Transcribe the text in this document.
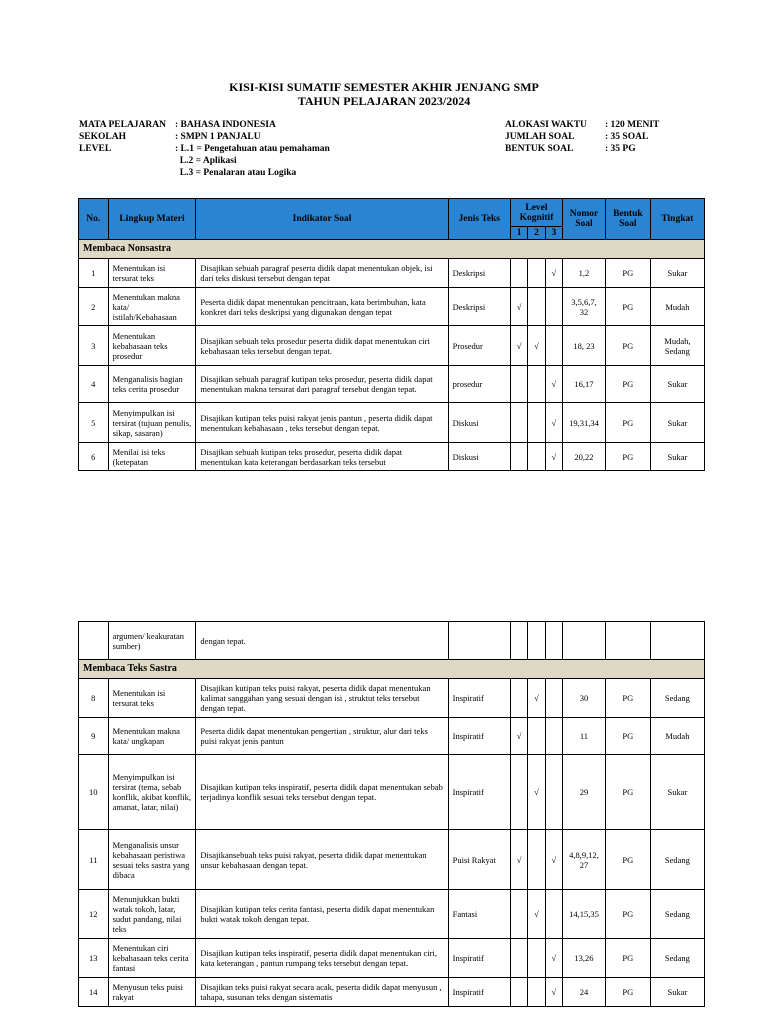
KISI-KISI SUMATIF SEMESTER AKHIR JENJANG SMP
TAHUN PELAJARAN 2023/2024
MATA PELAJARAN : BAHASA INDONESIA
SEKOLAH	: SMPN 1 PANJALU
LEVEL	: L.1 = Pengetahuan atau pemahaman
L.2 = Aplikasi
L.3 = Penalaran atau Logika
ALOKASI WAKTU	: 120 MENIT
JUMLAH SOAL	: 35 SOAL
BENTUK SOAL	: 35 PG
No.	Lingkup Materi	Indikator Soal	Jenis Teks	Level Kognitif			Nomor Soal	Bentuk Soal	Tingkat
				1	2	3			
Membaca Nonsastra									
1	Menentukan isi tersurat teks	Disajikan sebuah paragraf peserta didik dapat menentukan objek, isi dari teks diskusi tersebut dengan tepat	Deskripsi			√	1,2	PG	Sukar
2	Menentukan makna kata/ istilah/Kebahasaan	Peserta didik dapat menentukan pencitraan, kata berimbuhan, kata konkret dari teks deskripsi yang digunakan dengan tepat	Deskripsi	√			3,5,6,7, 32	PG	Mudah
3	Menentukan kebahasaan teks prosedur	Disajikan sebuah teks prosedur peserta didik dapat menentukan ciri kebahasaan teks tersebut dengan tepat.	Prosedur	√	√		18, 23	PG	Mudah, Sedang
4	Menganalisis bagian teks cerita prosedur	Disajikan sebuah paragraf kutipan teks prosedur, peserta didik dapat menentukan makna tersurat dari paragraf tersebut dengan tepat.	prosedur			√	16,17	PG	Sukar
5	Menyimpulkan isi tersirat (tujuan penulis, sikap, sasaran)	Disajikan kutipan teks puisi rakyat jenis pantun , peserta didik dapat menentukan kebahasaan , teks tersebut dengan tepat.	Diskusi			√	19,31,34	PG	Sukar
6	Menilai isi teks (ketepatan	Disajikan sebuah kutipan teks prosedur, peserta didik dapat menentukan kata keterangan berdasarkan teks tersebut	Diskusi			√	20,22	PG	Sukar
	argumen/ keakuratan sumber)	dengan tepat.							
Membaca Teks Sastra									
8	Menentukan isi tersurat teks	Disajikan kutipan teks puisi rakyat, peserta didik dapat menentukan kalimat sanggahan yang sesuai dengan isi , struktut teks tersebut dengan tepat.	Inspiratif		√		30	PG	Sedang
9	Menentukan makna kata/ ungkapan	Peserta didik dapat menentukan pengertian , struktur, alur dari teks puisi rakyat jenis pantun	Inspiratif	√			11	PG	Mudah
10	Menyimpulkan isi tersirat (tema, sebab konflik, akibat konflik, amanat, latar, nilai)	Disajikan kutipan teks inspiratif, peserta didik dapat menentukan sebab terjadinya konflik sesuai teks tersebut dengan tepat.	Inspiratif		√		29	PG	Sukar
11	Menganalisis unsur kebahasaan peristiwa sesuai teks sastra yang dibaca	Disajikansebuah teks puisi rakyat, peserta didik dapat menentukan unsur kebahasaan dengan tepat.	Puisi Rakyat	√		√	4,8,9,12, 27	PG	Sedang
12	Menunjukkan bukti watak tokoh, latar, sudut pandang, nilai teks	Disajikan kutipan teks cerita fantasi, peserta didik dapat menentukan bukti watak tokoh dengan tepat.	Fantasi		√		14,15,35	PG	Sedang
13	Menentukan ciri kebahasaan teks cerita fantasi	Disajikan kutipan teks inspiratif, peserta didik dapat menentukan ciri, kata keterangan , pantun rumpang teks tersebut dengan tepat.	Inspiratif			√	13,26	PG	Sedang
14	Menyusun teks puisi rakyat	Disajikan teks puisi rakyat secara acak, peserta didik dapat menyusun , tahapa, susunan teks dengan sistematis	Inspiratif			√	24	PG	Sukar
